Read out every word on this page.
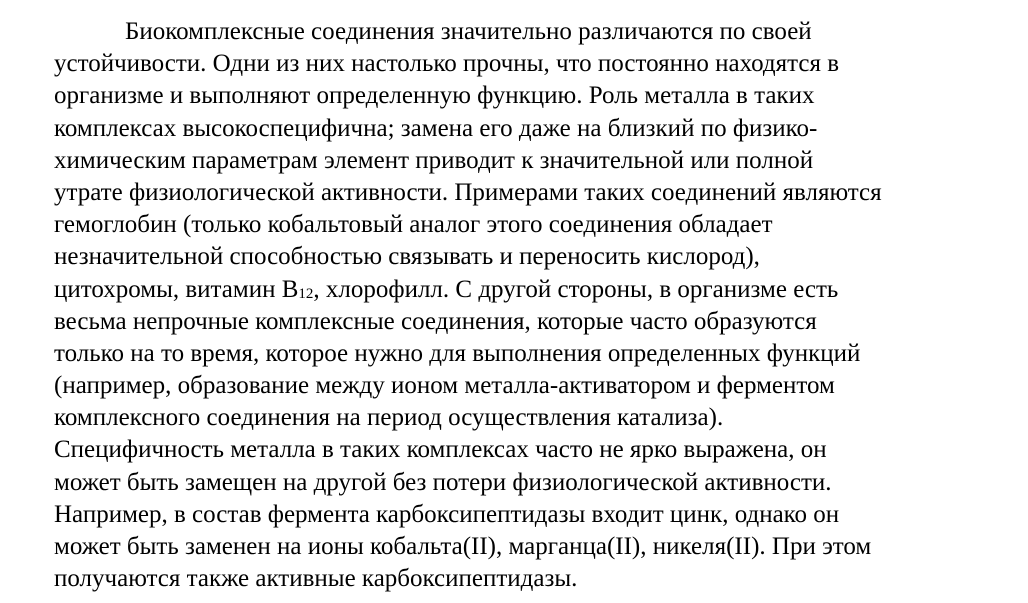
Биокомплексные соединения значительно различаются по своей
устойчивости. Одни из них настолько прочны, что постоянно находятся в
организме и выполняют определенную функцию. Роль металла в таких
комплексах высокоспецифична; замена его даже на близкий по физико-
химическим параметрам элемент приводит к значительной или полной
утрате физиологической активности. Примерами таких соединений являются
гемоглобин (только кобальтовый аналог этого соединения обладает
незначительной способностью связывать и переносить кислород),
цитохромы, витамин $B_{12}$, хлорофилл. С другой стороны, в организме есть
весьма непрочные комплексные соединения, которые часто образуются
только на то время, которое нужно для выполнения определенных функций
(например, образование между ионом металла-активатором и ферментом
комплексного соединения на период осуществления катализа).
Специфичность металла в таких комплексах часто не ярко выражена, он
может быть замещен на другой без потери физиологической активности.
Например, в состав фермента карбоксипептидазы входит цинк, однако он
может быть заменен на ионы кобальта(II), марганца(II), никеля(II). При этом
получаются также активные карбоксипептидазы.
